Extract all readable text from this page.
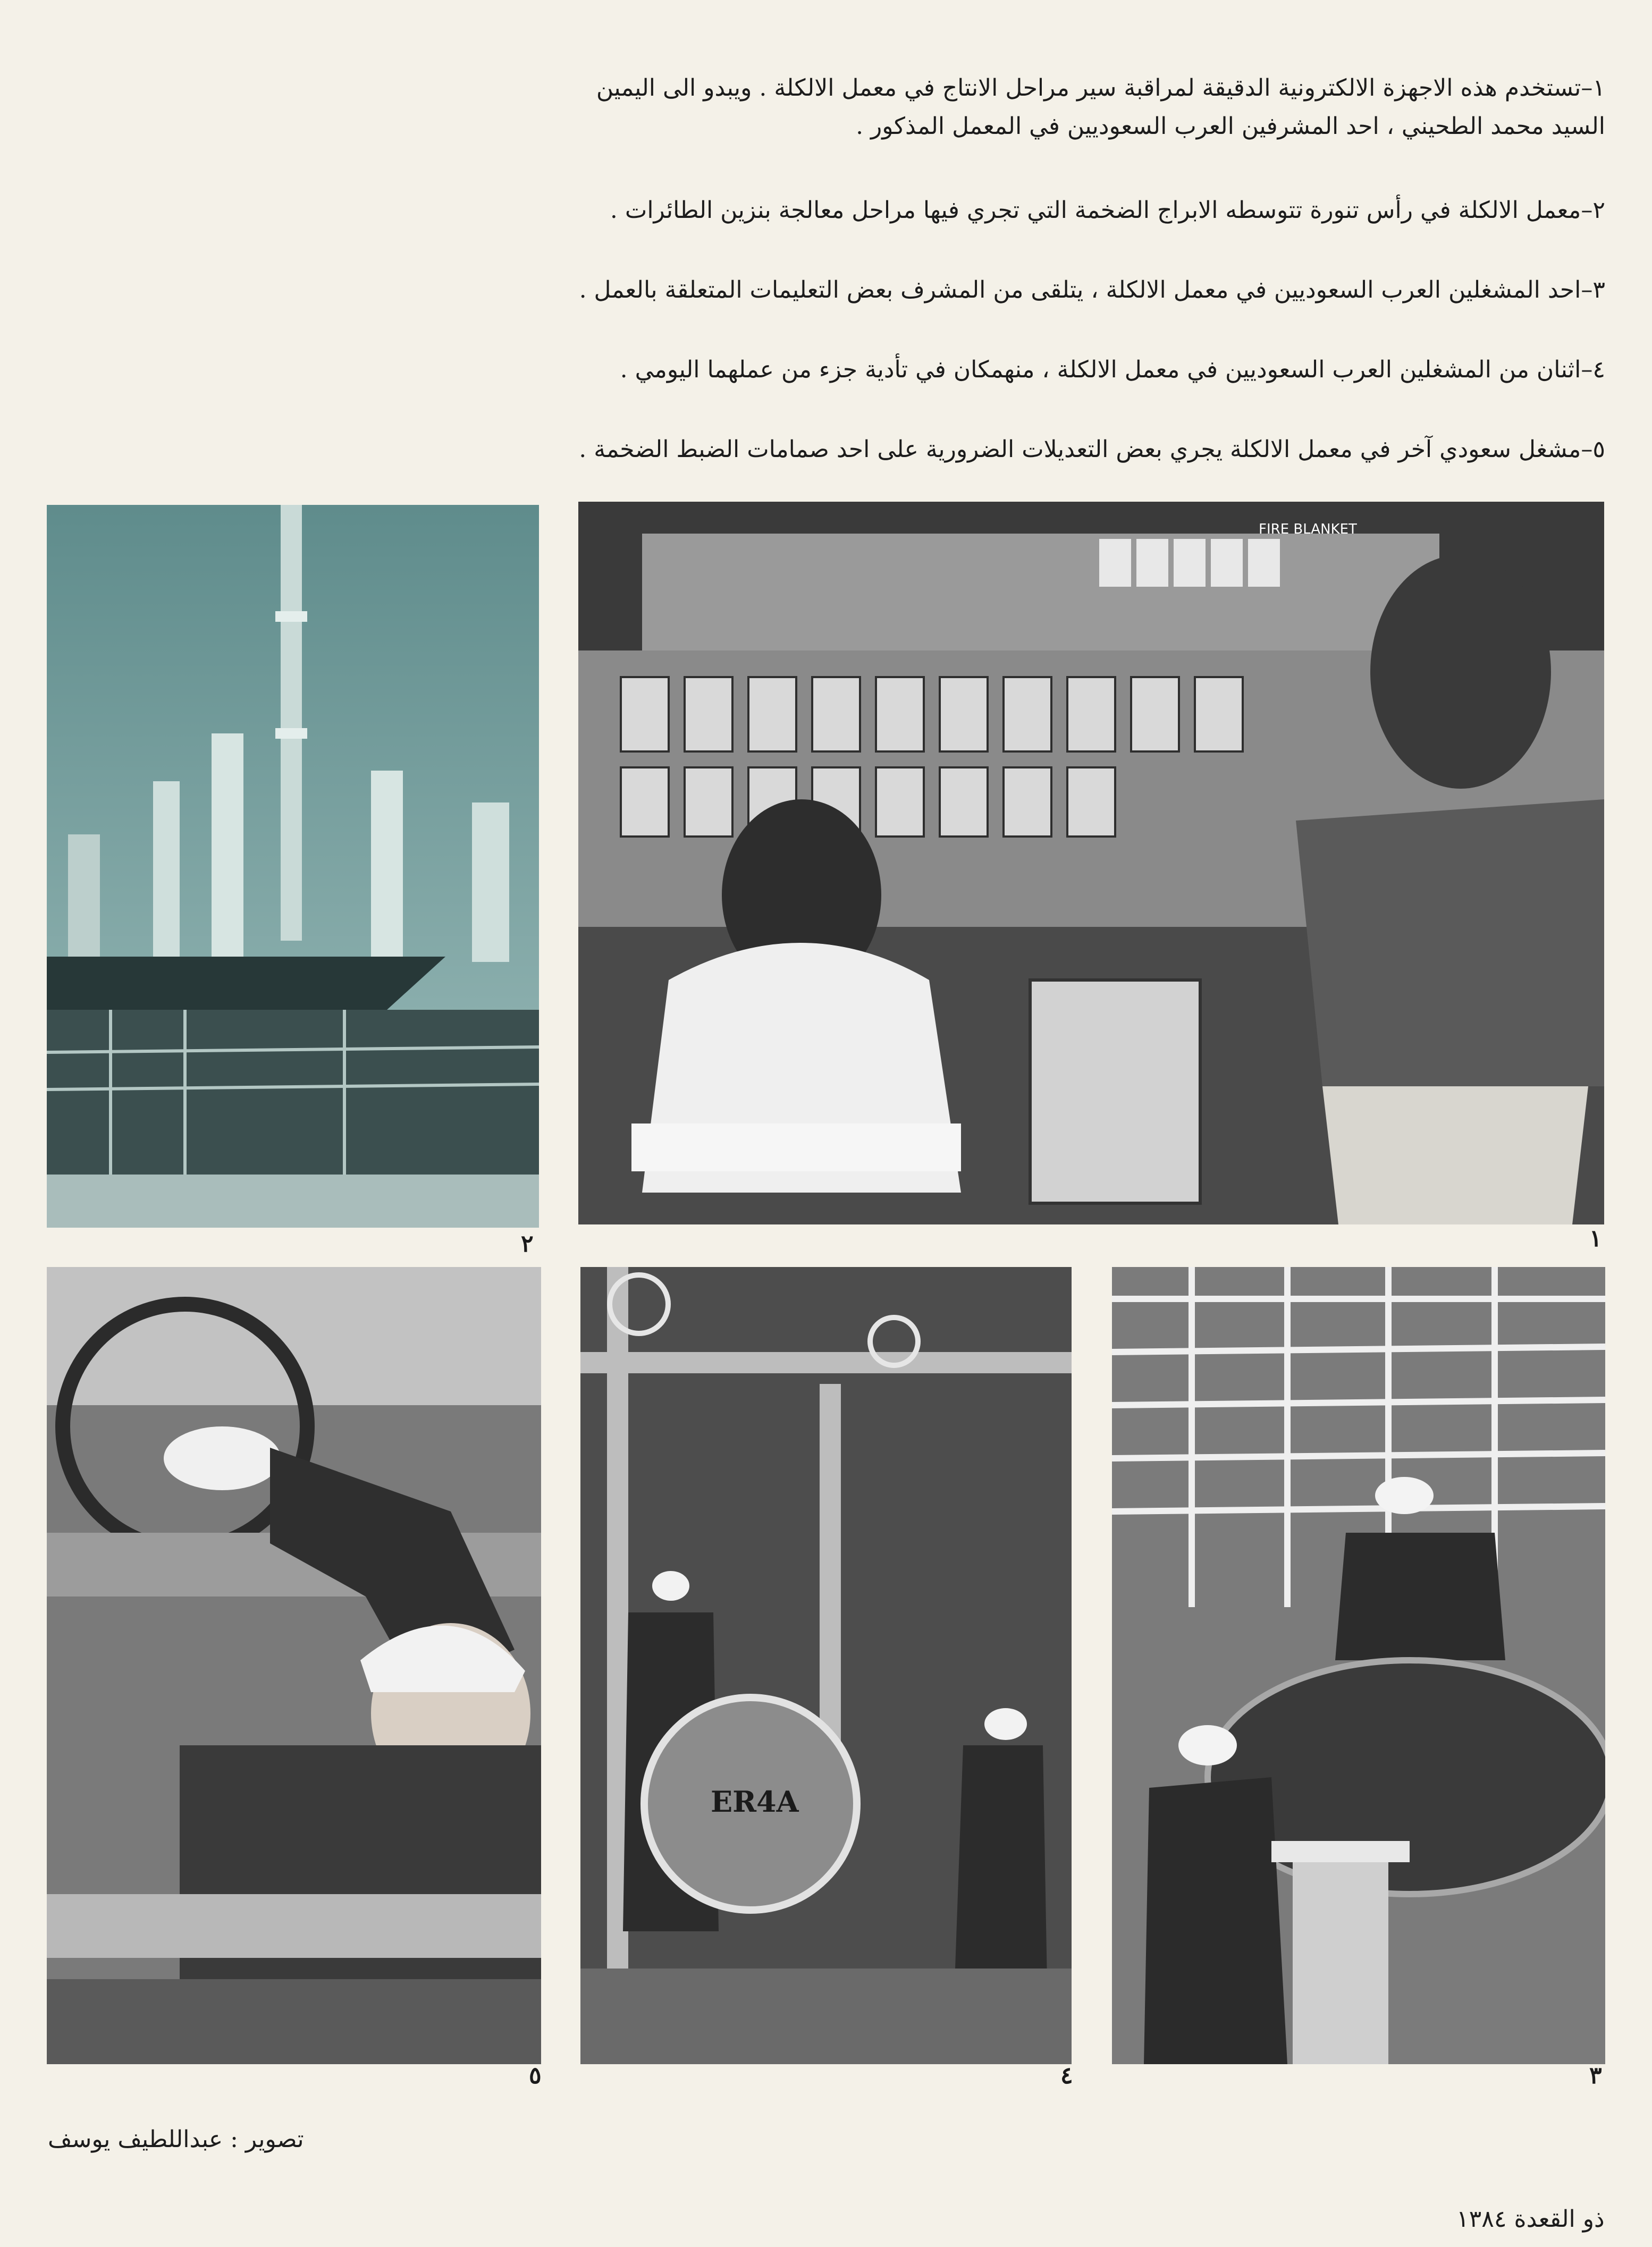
١–تستخدم هذه الاجهزة الالكترونية الدقيقة لمراقبة سير مراحل الانتاج في معمل الالكلة . ويبدو الى اليمين السيد محمد الطحيني ، احد المشرفين العرب السعوديين في المعمل المذكور .

٢–معمل الالكلة في رأس تنورة تتوسطه الابراج الضخمة التي تجري فيها مراحل معالجة بنزين الطائرات .

٣–احد المشغلين العرب السعوديين في معمل الالكلة ، يتلقى من المشرف بعض التعليمات المتعلقة بالعمل .

٤–اثنان من المشغلين العرب السعوديين في معمل الالكلة ، منهمكان في تأدية جزء من عملهما اليومي .

٥–مشغل سعودي آخر في معمل الالكلة يجري بعض التعديلات الضرورية على احد صمامات الضبط الضخمة .

٢
FIRE BLANKET
١
٥
ER4A
٤	٣
تصوير : عبداللطيف يوسف
ذو القعدة ١٣٨٤
